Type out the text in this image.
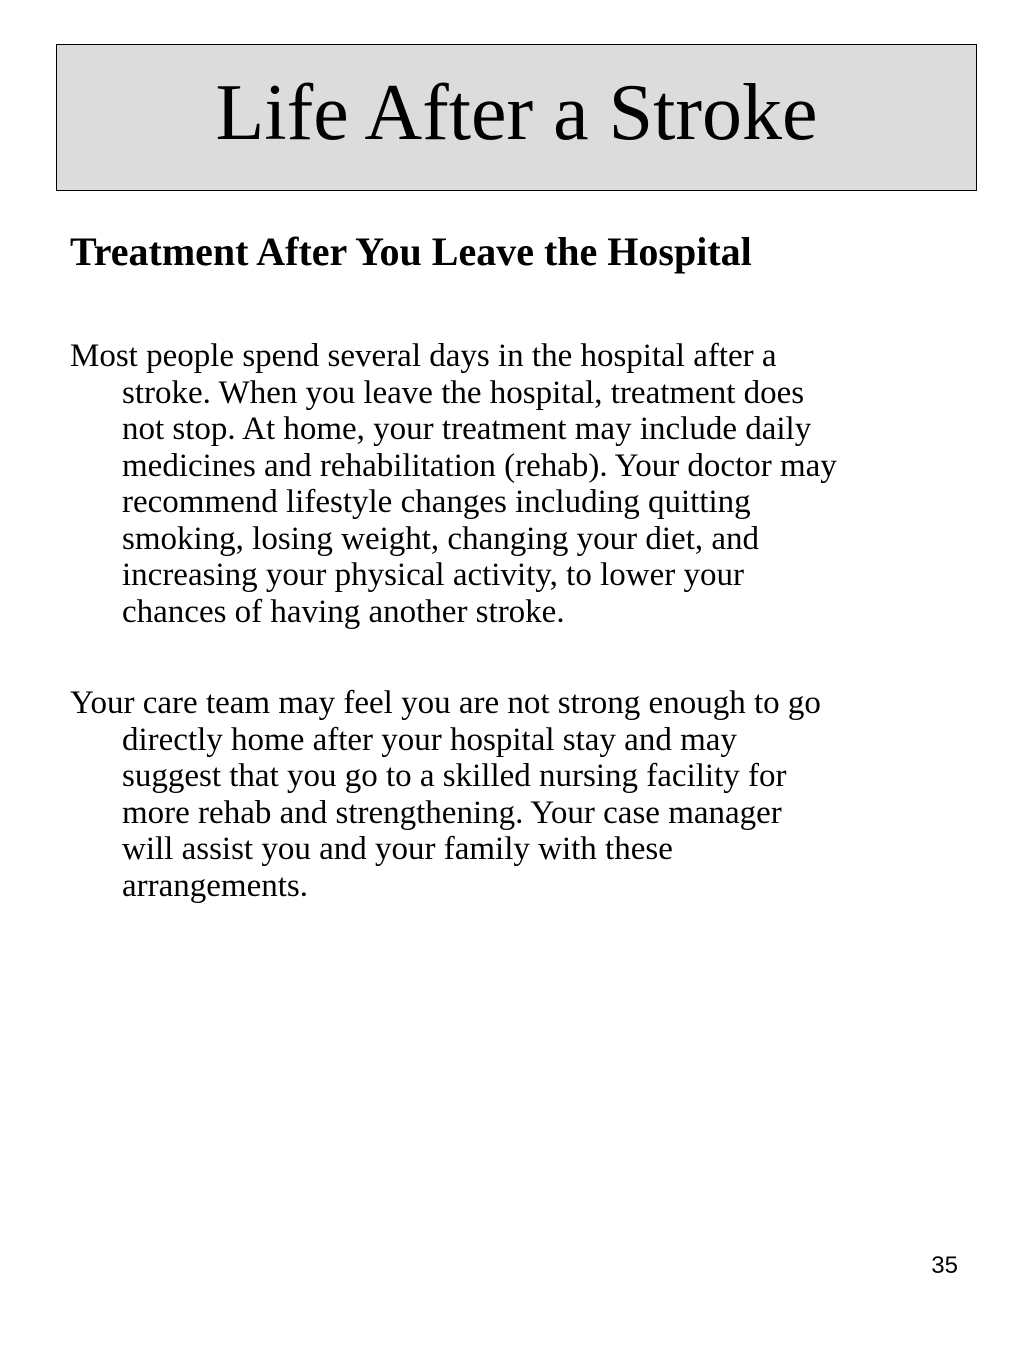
Life After a Stroke
Treatment After You Leave the Hospital
Most people spend several days in the hospital after a
stroke. When you leave the hospital, treatment does
not stop. At home, your treatment may include daily
medicines and rehabilitation (rehab). Your doctor may
recommend lifestyle changes including quitting
smoking, losing weight, changing your diet, and
increasing your physical activity, to lower your
chances of having another stroke.
Your care team may feel you are not strong enough to go
directly home after your hospital stay and may
suggest that you go to a skilled nursing facility for
more rehab and strengthening. Your case manager
will assist you and your family with these
arrangements.
35
